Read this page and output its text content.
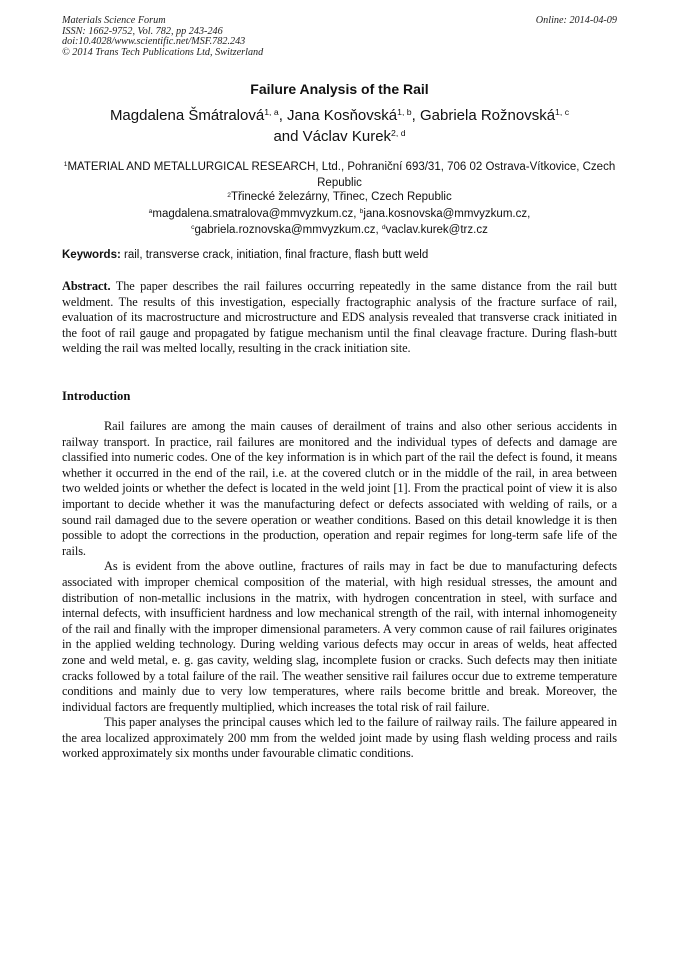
Materials Science Forum
ISSN: 1662-9752, Vol. 782, pp 243-246
doi:10.4028/www.scientific.net/MSF.782.243
© 2014 Trans Tech Publications Ltd, Switzerland
Online: 2014-04-09
Failure Analysis of the Rail
Magdalena Šmátralová$^{1, a}$, Jana Kosňovská$^{1, b}$, Gabriela Rožnovská$^{1, c}$
and Václav Kurek$^{2, d}$
$^1$MATERIAL AND METALLURGICAL RESEARCH, Ltd., Pohraniční 693/31, 706 02 Ostrava-Vítkovice, Czech Republic
$^2$Třinecké železárny, Třinec, Czech Republic
$^a$magdalena.smatralova@mmvyzkum.cz, $^b$jana.kosnovska@mmvyzkum.cz,
$^c$gabriela.roznovska@mmvyzkum.cz, $^d$vaclav.kurek@trz.cz
Keywords: rail, transverse crack, initiation, final fracture, flash butt weld
Abstract. The paper describes the rail failures occurring repeatedly in the same distance from the rail butt weldment. The results of this investigation, especially fractographic analysis of the fracture surface of rail, evaluation of its macrostructure and microstructure and EDS analysis revealed that transverse crack initiated in the foot of rail gauge and propagated by fatigue mechanism until the final cleavage fracture. During flash-butt welding the rail was melted locally, resulting in the crack initiation site.
Introduction

Rail failures are among the main causes of derailment of trains and also other serious accidents in railway transport. In practice, rail failures are monitored and the individual types of defects and damage are classified into numeric codes. One of the key information is in which part of the rail the defect is found, it means whether it occurred in the end of the rail, i.e. at the covered clutch or in the middle of the rail, in area between two welded joints or whether the defect is located in the weld joint [1]. From the practical point of view it is also important to decide whether it was the manufacturing defect or defects associated with welding of rails, or a sound rail damaged due to the severe operation or weather conditions. Based on this detail knowledge it is then possible to adopt the corrections in the production, operation and repair regimes for long-term safe life of the rails.

As is evident from the above outline, fractures of rails may in fact be due to manufacturing defects associated with improper chemical composition of the material, with high residual stresses, the amount and distribution of non-metallic inclusions in the matrix, with hydrogen concentration in steel, with surface and internal defects, with insufficient hardness and low mechanical strength of the rail, with internal inhomogeneity of the rail and finally with the improper dimensional parameters. A very common cause of rail failures originates in the applied welding technology. During welding various defects may occur in areas of welds, heat affected zone and weld metal, e. g. gas cavity, welding slag, incomplete fusion or cracks. Such defects may then initiate cracks followed by a total failure of the rail. The weather sensitive rail failures occur due to extreme temperature conditions and mainly due to very low temperatures, where rails become brittle and break. Moreover, the individual factors are frequently multiplied, which increases the total risk of rail failure.

This paper analyses the principal causes which led to the failure of railway rails. The failure appeared in the area localized approximately 200 mm from the welded joint made by using flash welding process and rails worked approximately six months under favourable climatic conditions.
